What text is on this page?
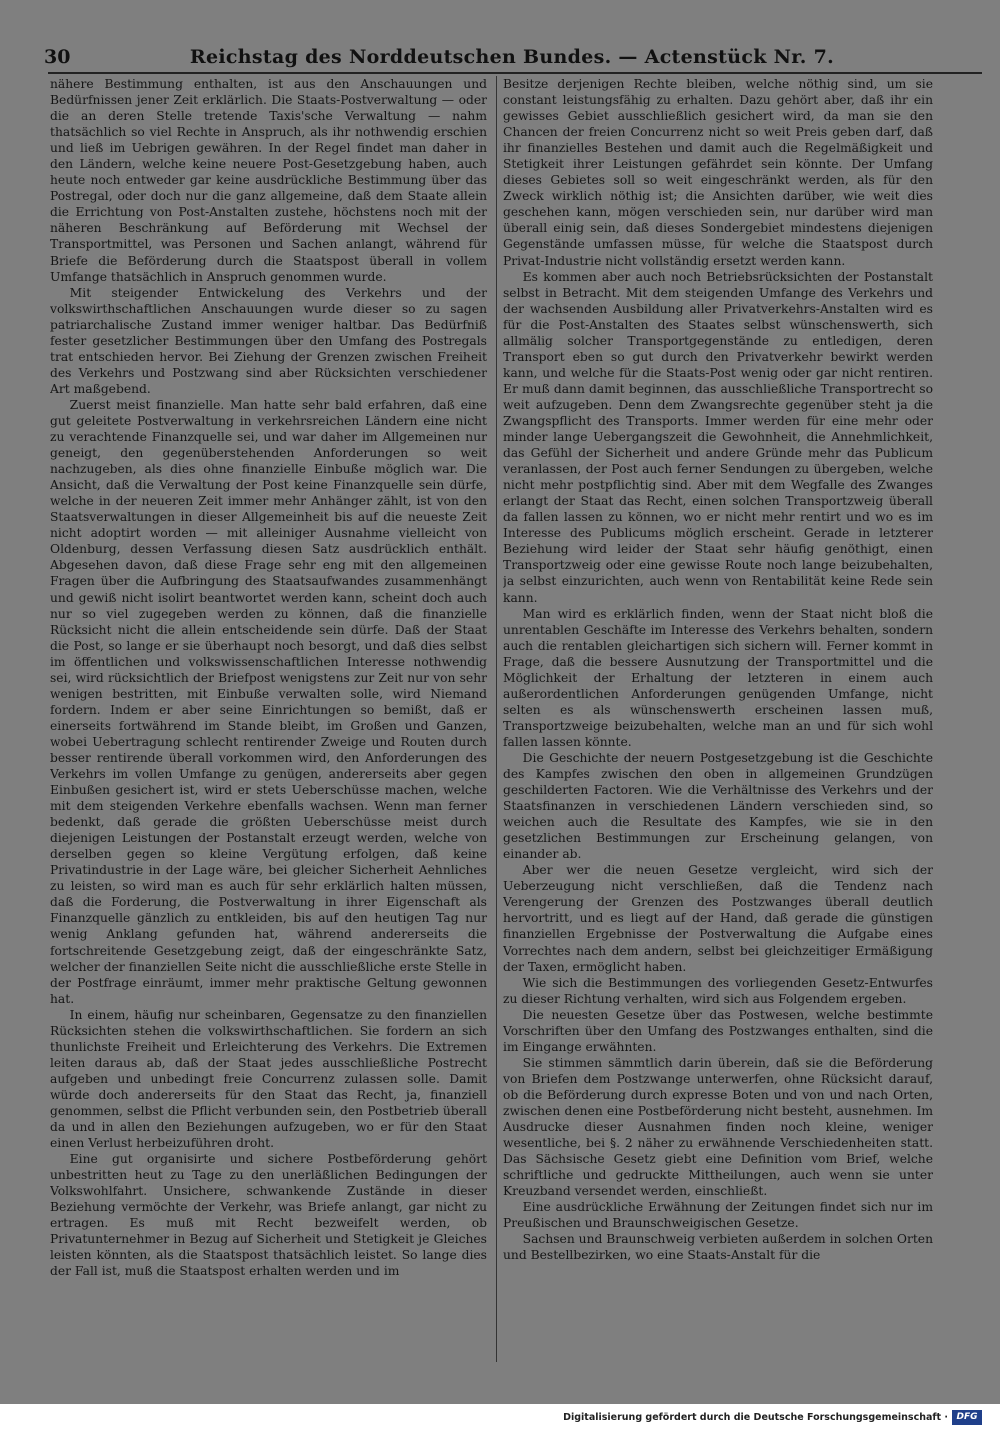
30	Reichstag des Norddeutschen Bundes. — Actenstück Nr. 7.

nähere Bestimmung enthalten, ist aus den Anschauungen und Bedürfnissen jener Zeit erklärlich. Die Staats-Postverwaltung — oder die an deren Stelle tretende Taxis'sche Verwaltung — nahm thatsächlich so viel Rechte in Anspruch, als ihr nothwendig erschien und ließ im Uebrigen gewähren. In der Regel findet man daher in den Ländern, welche keine neuere Post-Gesetzgebung haben, auch heute noch entweder gar keine ausdrückliche Bestimmung über das Postregal, oder doch nur die ganz allgemeine, daß dem Staate allein die Errichtung von Post-Anstalten zustehe, höchstens noch mit der näheren Beschränkung auf Beförderung mit Wechsel der Transportmittel, was Personen und Sachen anlangt, während für Briefe die Beförderung durch die Staatspost überall in vollem Umfange thatsächlich in Anspruch genommen wurde.

Mit steigender Entwickelung des Verkehrs und der volkswirthschaftlichen Anschauungen wurde dieser so zu sagen patriarchalische Zustand immer weniger haltbar. Das Bedürfniß fester gesetzlicher Bestimmungen über den Umfang des Postregals trat entschieden hervor. Bei Ziehung der Grenzen zwischen Freiheit des Verkehrs und Postzwang sind aber Rücksichten verschiedener Art maßgebend.

Zuerst meist finanzielle. Man hatte sehr bald erfahren, daß eine gut geleitete Postverwaltung in verkehrsreichen Ländern eine nicht zu verachtende Finanzquelle sei, und war daher im Allgemeinen nur geneigt, den gegenüberstehenden Anforderungen so weit nachzugeben, als dies ohne finanzielle Einbuße möglich war. Die Ansicht, daß die Verwaltung der Post keine Finanzquelle sein dürfe, welche in der neueren Zeit immer mehr Anhänger zählt, ist von den Staatsverwaltungen in dieser Allgemeinheit bis auf die neueste Zeit nicht adoptirt worden — mit alleiniger Ausnahme vielleicht von Oldenburg, dessen Verfassung diesen Satz ausdrücklich enthält. Abgesehen davon, daß diese Frage sehr eng mit den allgemeinen Fragen über die Aufbringung des Staatsaufwandes zusammenhängt und gewiß nicht isolirt beantwortet werden kann, scheint doch auch nur so viel zugegeben werden zu können, daß die finanzielle Rücksicht nicht die allein entscheidende sein dürfe. Daß der Staat die Post, so lange er sie überhaupt noch besorgt, und daß dies selbst im öffentlichen und volkswissenschaftlichen Interesse nothwendig sei, wird rücksichtlich der Briefpost wenigstens zur Zeit nur von sehr wenigen bestritten, mit Einbuße verwalten solle, wird Niemand fordern. Indem er aber seine Einrichtungen so bemißt, daß er einerseits fortwährend im Stande bleibt, im Großen und Ganzen, wobei Uebertragung schlecht rentirender Zweige und Routen durch besser rentirende überall vorkommen wird, den Anforderungen des Verkehrs im vollen Umfange zu genügen, andererseits aber gegen Einbußen gesichert ist, wird er stets Ueberschüsse machen, welche mit dem steigenden Verkehre ebenfalls wachsen. Wenn man ferner bedenkt, daß gerade die größten Ueberschüsse meist durch diejenigen Leistungen der Postanstalt erzeugt werden, welche von derselben gegen so kleine Vergütung erfolgen, daß keine Privatindustrie in der Lage wäre, bei gleicher Sicherheit Aehnliches zu leisten, so wird man es auch für sehr erklärlich halten müssen, daß die Forderung, die Postverwaltung in ihrer Eigenschaft als Finanzquelle gänzlich zu entkleiden, bis auf den heutigen Tag nur wenig Anklang gefunden hat, während andererseits die fortschreitende Gesetzgebung zeigt, daß der eingeschränkte Satz, welcher der finanziellen Seite nicht die ausschließliche erste Stelle in der Postfrage einräumt, immer mehr praktische Geltung gewonnen hat.

In einem, häufig nur scheinbaren, Gegensatze zu den finanziellen Rücksichten stehen die volkswirthschaftlichen. Sie fordern an sich thunlichste Freiheit und Erleichterung des Verkehrs. Die Extremen leiten daraus ab, daß der Staat jedes ausschließliche Postrecht aufgeben und unbedingt freie Concurrenz zulassen solle. Damit würde doch andererseits für den Staat das Recht, ja, finanziell genommen, selbst die Pflicht verbunden sein, den Postbetrieb überall da und in allen den Beziehungen aufzugeben, wo er für den Staat einen Verlust herbeizuführen droht.

Eine gut organisirte und sichere Postbeförderung gehört unbestritten heut zu Tage zu den unerläßlichen Bedingungen der Volkswohlfahrt. Unsichere, schwankende Zustände in dieser Beziehung vermöchte der Verkehr, was Briefe anlangt, gar nicht zu ertragen. Es muß mit Recht bezweifelt werden, ob Privatunternehmer in Bezug auf Sicherheit und Stetigkeit je Gleiches leisten könnten, als die Staatspost thatsächlich leistet. So lange dies der Fall ist, muß die Staatspost erhalten werden und im

Besitze derjenigen Rechte bleiben, welche nöthig sind, um sie constant leistungsfähig zu erhalten. Dazu gehört aber, daß ihr ein gewisses Gebiet ausschließlich gesichert wird, da man sie den Chancen der freien Concurrenz nicht so weit Preis geben darf, daß ihr finanzielles Bestehen und damit auch die Regelmäßigkeit und Stetigkeit ihrer Leistungen gefährdet sein könnte. Der Umfang dieses Gebietes soll so weit eingeschränkt werden, als für den Zweck wirklich nöthig ist; die Ansichten darüber, wie weit dies geschehen kann, mögen verschieden sein, nur darüber wird man überall einig sein, daß dieses Sondergebiet mindestens diejenigen Gegenstände umfassen müsse, für welche die Staatspost durch Privat-Industrie nicht vollständig ersetzt werden kann.

Es kommen aber auch noch Betriebsrücksichten der Postanstalt selbst in Betracht. Mit dem steigenden Umfange des Verkehrs und der wachsenden Ausbildung aller Privatverkehrs-Anstalten wird es für die Post-Anstalten des Staates selbst wünschenswerth, sich allmälig solcher Transportgegenstände zu entledigen, deren Transport eben so gut durch den Privatverkehr bewirkt werden kann, und welche für die Staats-Post wenig oder gar nicht rentiren. Er muß dann damit beginnen, das ausschließliche Transportrecht so weit aufzugeben. Denn dem Zwangsrechte gegenüber steht ja die Zwangspflicht des Transports. Immer werden für eine mehr oder minder lange Uebergangszeit die Gewohnheit, die Annehmlichkeit, das Gefühl der Sicherheit und andere Gründe mehr das Publicum veranlassen, der Post auch ferner Sendungen zu übergeben, welche nicht mehr postpflichtig sind. Aber mit dem Wegfalle des Zwanges erlangt der Staat das Recht, einen solchen Transportzweig überall da fallen lassen zu können, wo er nicht mehr rentirt und wo es im Interesse des Publicums möglich erscheint. Gerade in letzterer Beziehung wird leider der Staat sehr häufig genöthigt, einen Transportzweig oder eine gewisse Route noch lange beizubehalten, ja selbst einzurichten, auch wenn von Rentabilität keine Rede sein kann.

Man wird es erklärlich finden, wenn der Staat nicht bloß die unrentablen Geschäfte im Interesse des Verkehrs behalten, sondern auch die rentablen gleichartigen sich sichern will. Ferner kommt in Frage, daß die bessere Ausnutzung der Transportmittel und die Möglichkeit der Erhaltung der letzteren in einem auch außerordentlichen Anforderungen genügenden Umfange, nicht selten es als wünschenswerth erscheinen lassen muß, Transportzweige beizubehalten, welche man an und für sich wohl fallen lassen könnte.

Die Geschichte der neuern Postgesetzgebung ist die Geschichte des Kampfes zwischen den oben in allgemeinen Grundzügen geschilderten Factoren. Wie die Verhältnisse des Verkehrs und der Staatsfinanzen in verschiedenen Ländern verschieden sind, so weichen auch die Resultate des Kampfes, wie sie in den gesetzlichen Bestimmungen zur Erscheinung gelangen, von einander ab.

Aber wer die neuen Gesetze vergleicht, wird sich der Ueberzeugung nicht verschließen, daß die Tendenz nach Verengerung der Grenzen des Postzwanges überall deutlich hervortritt, und es liegt auf der Hand, daß gerade die günstigen finanziellen Ergebnisse der Postverwaltung die Aufgabe eines Vorrechtes nach dem andern, selbst bei gleichzeitiger Ermäßigung der Taxen, ermöglicht haben.

Wie sich die Bestimmungen des vorliegenden Gesetz-Entwurfes zu dieser Richtung verhalten, wird sich aus Folgendem ergeben.

Die neuesten Gesetze über das Postwesen, welche bestimmte Vorschriften über den Umfang des Postzwanges enthalten, sind die im Eingange erwähnten.

Sie stimmen sämmtlich darin überein, daß sie die Beförderung von Briefen dem Postzwange unterwerfen, ohne Rücksicht darauf, ob die Beförderung durch expresse Boten und von und nach Orten, zwischen denen eine Postbeförderung nicht besteht, ausnehmen. Im Ausdrucke dieser Ausnahmen finden noch kleine, weniger wesentliche, bei §. 2 näher zu erwähnende Verschiedenheiten statt. Das Sächsische Gesetz giebt eine Definition vom Brief, welche schriftliche und gedruckte Mittheilungen, auch wenn sie unter Kreuzband versendet werden, einschließt.

Eine ausdrückliche Erwähnung der Zeitungen findet sich nur im Preußischen und Braunschweigischen Gesetze.

Sachsen und Braunschweig verbieten außerdem in solchen Orten und Bestellbezirken, wo eine Staats-Anstalt für die

Digitalisierung gefördert durch die Deutsche Forschungsgemeinschaft · DFG
